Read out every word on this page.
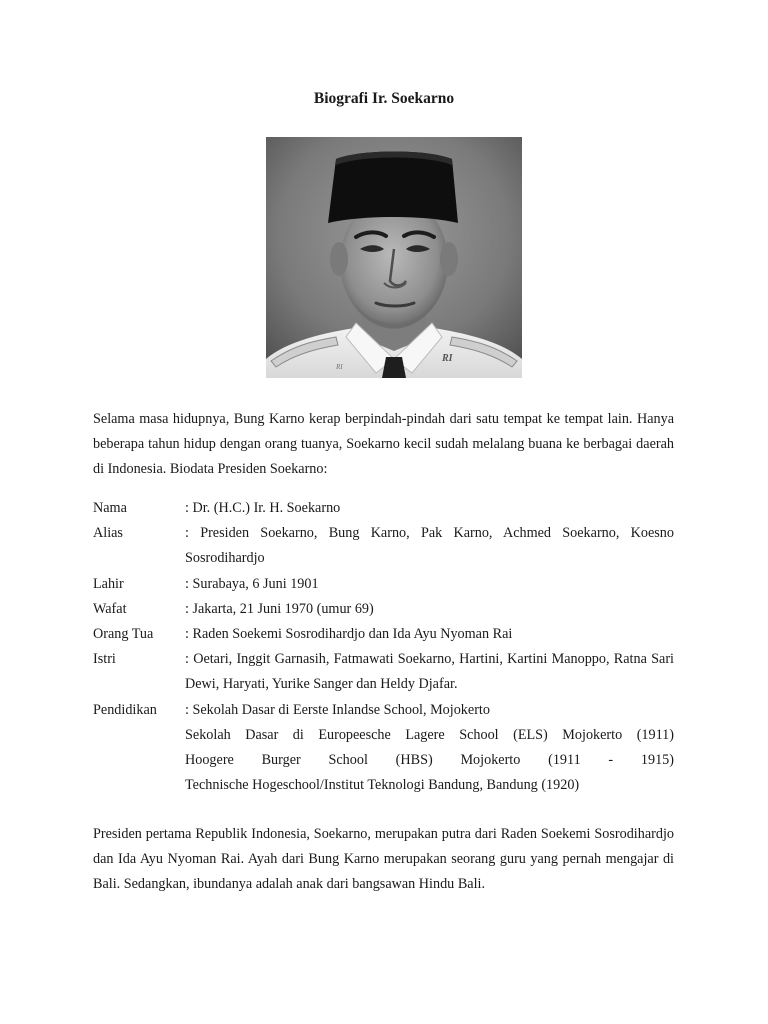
Biografi Ir. Soekarno
RI
RI

Selama masa hidupnya, Bung Karno kerap berpindah-pindah dari satu tempat ke tempat lain. Hanya beberapa tahun hidup dengan orang tuanya, Soekarno kecil sudah melalang buana ke berbagai daerah di Indonesia. Biodata Presiden Soekarno:

Nama	: Dr. (H.C.) Ir. H. Soekarno
Alias	: Presiden Soekarno, Bung Karno, Pak Karno, Achmed Soekarno, Koesno Sosrodihardjo
Lahir	: Surabaya, 6 Juni 1901
Wafat	: Jakarta, 21 Juni 1970 (umur 69)
Orang Tua	: Raden Soekemi Sosrodihardjo dan Ida Ayu Nyoman Rai
Istri	: Oetari, Inggit Garnasih, Fatmawati Soekarno, Hartini, Kartini Manoppo, Ratna Sari Dewi, Haryati, Yurike Sanger dan Heldy Djafar.
Pendidikan	: Sekolah Dasar di Eerste Inlandse School, Mojokerto
Sekolah Dasar di Europeesche Lagere School (ELS) Mojokerto (1911)
Hoogere Burger School (HBS) Mojokerto (1911 - 1915)
Technische Hogeschool/Institut Teknologi Bandung, Bandung (1920)

Presiden pertama Republik Indonesia, Soekarno, merupakan putra dari Raden Soekemi Sosrodihardjo dan Ida Ayu Nyoman Rai. Ayah dari Bung Karno merupakan seorang guru yang pernah mengajar di Bali. Sedangkan, ibundanya adalah anak dari bangsawan Hindu Bali.
